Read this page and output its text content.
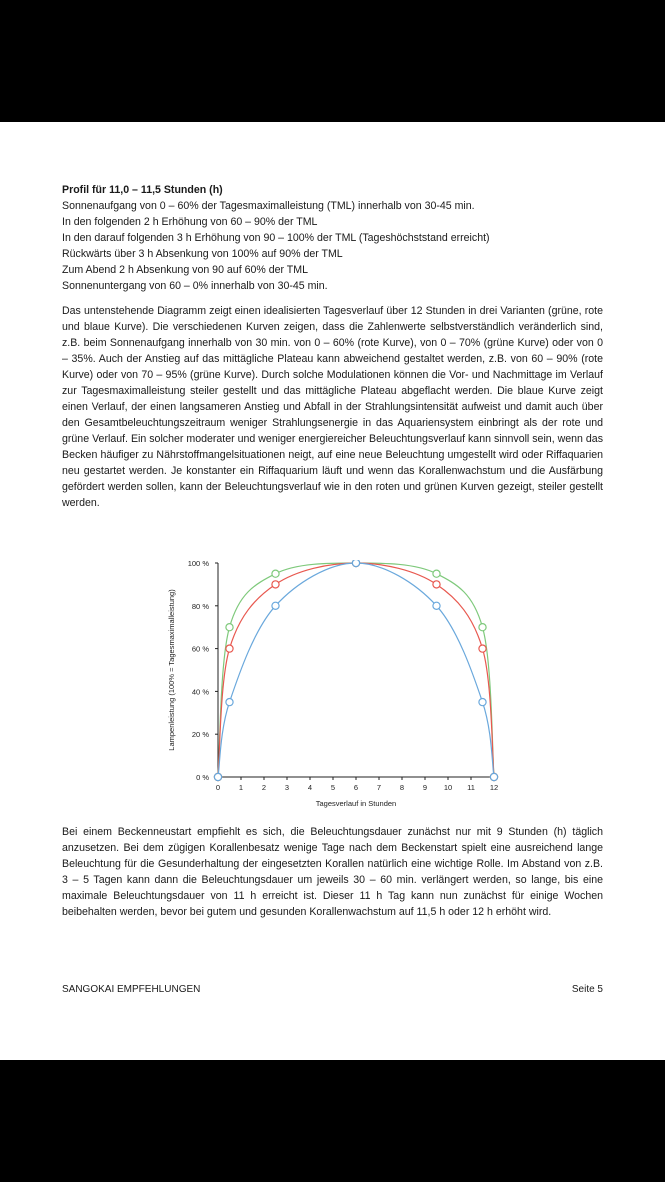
Profil für 11,0 – 11,5 Stunden (h)
Sonnenaufgang von 0 – 60% der Tagesmaximalleistung (TML) innerhalb von 30-45 min.
In den folgenden 2 h Erhöhung von 60 – 90% der TML
In den darauf folgenden 3 h Erhöhung von 90 – 100% der TML (Tageshöchststand erreicht)
Rückwärts über 3 h Absenkung von 100% auf 90% der TML
Zum Abend 2 h Absenkung von 90 auf 60% der TML
Sonnenuntergang von 60 – 0% innerhalb von 30-45 min.
Das untenstehende Diagramm zeigt einen idealisierten Tagesverlauf über 12 Stunden in drei Varianten (grüne, rote und blaue Kurve). Die verschiedenen Kurven zeigen, dass die Zahlenwerte selbstverständlich veränderlich sind, z.B. beim Sonnenaufgang innerhalb von 30 min. von 0 – 60% (rote Kurve), von 0 – 70% (grüne Kurve) oder von 0 – 35%. Auch der Anstieg auf das mittägliche Plateau kann abweichend gestaltet werden, z.B. von 60 – 90% (rote Kurve) oder von 70 – 95% (grüne Kurve). Durch solche Modulationen können die Vor- und Nachmittage im Verlauf zur Tagesmaximalleistung steiler gestellt und das mittägliche Plateau abgeflacht werden. Die blaue Kurve zeigt einen Verlauf, der einen langsameren Anstieg und Abfall in der Strahlungsintensität aufweist und damit auch über den Gesamtbeleuchtungszeitraum weniger Strahlungsenergie in das Aquariensystem einbringt als der rote und grüne Verlauf. Ein solcher moderater und weniger energiereicher Beleuchtungsverlauf kann sinnvoll sein, wenn das Becken häufiger zu Nährstoffmangelsituationen neigt, auf eine neue Beleuchtung umgestellt wird oder Riffaquarien neu gestartet werden. Je konstanter ein Riffaquarium läuft und wenn das Korallenwachstum und die Ausfärbung gefördert werden sollen, kann der Beleuchtungsverlauf wie in den roten und grünen Kurven gezeigt, steiler gestellt werden.
0 %
20 %
40 %
60 %
80 %
100 %
0	1	2	3	4	5	6	7	8	9 10 11 12
Tagesverlauf in Stunden
Lampenleistung (100% = Tagesmaximalleistung)
Bei einem Beckenneustart empfiehlt es sich, die Beleuchtungsdauer zunächst nur mit 9 Stunden (h) täglich anzusetzen. Bei dem zügigen Korallenbesatz wenige Tage nach dem Beckenstart spielt eine ausreichend lange Beleuchtung für die Gesunderhaltung der eingesetzten Korallen natürlich eine wichtige Rolle. Im Abstand von z.B. 3 – 5 Tagen kann dann die Beleuchtungsdauer um jeweils 30 – 60 min. verlängert werden, so lange, bis eine maximale Beleuchtungsdauer von 11 h erreicht ist. Dieser 11 h Tag kann nun zunächst für einige Wochen beibehalten werden, bevor bei gutem und gesunden Korallenwachstum auf 11,5 h oder 12 h erhöht wird.
SANGOKAI EMPFEHLUNGEN	Seite 5
